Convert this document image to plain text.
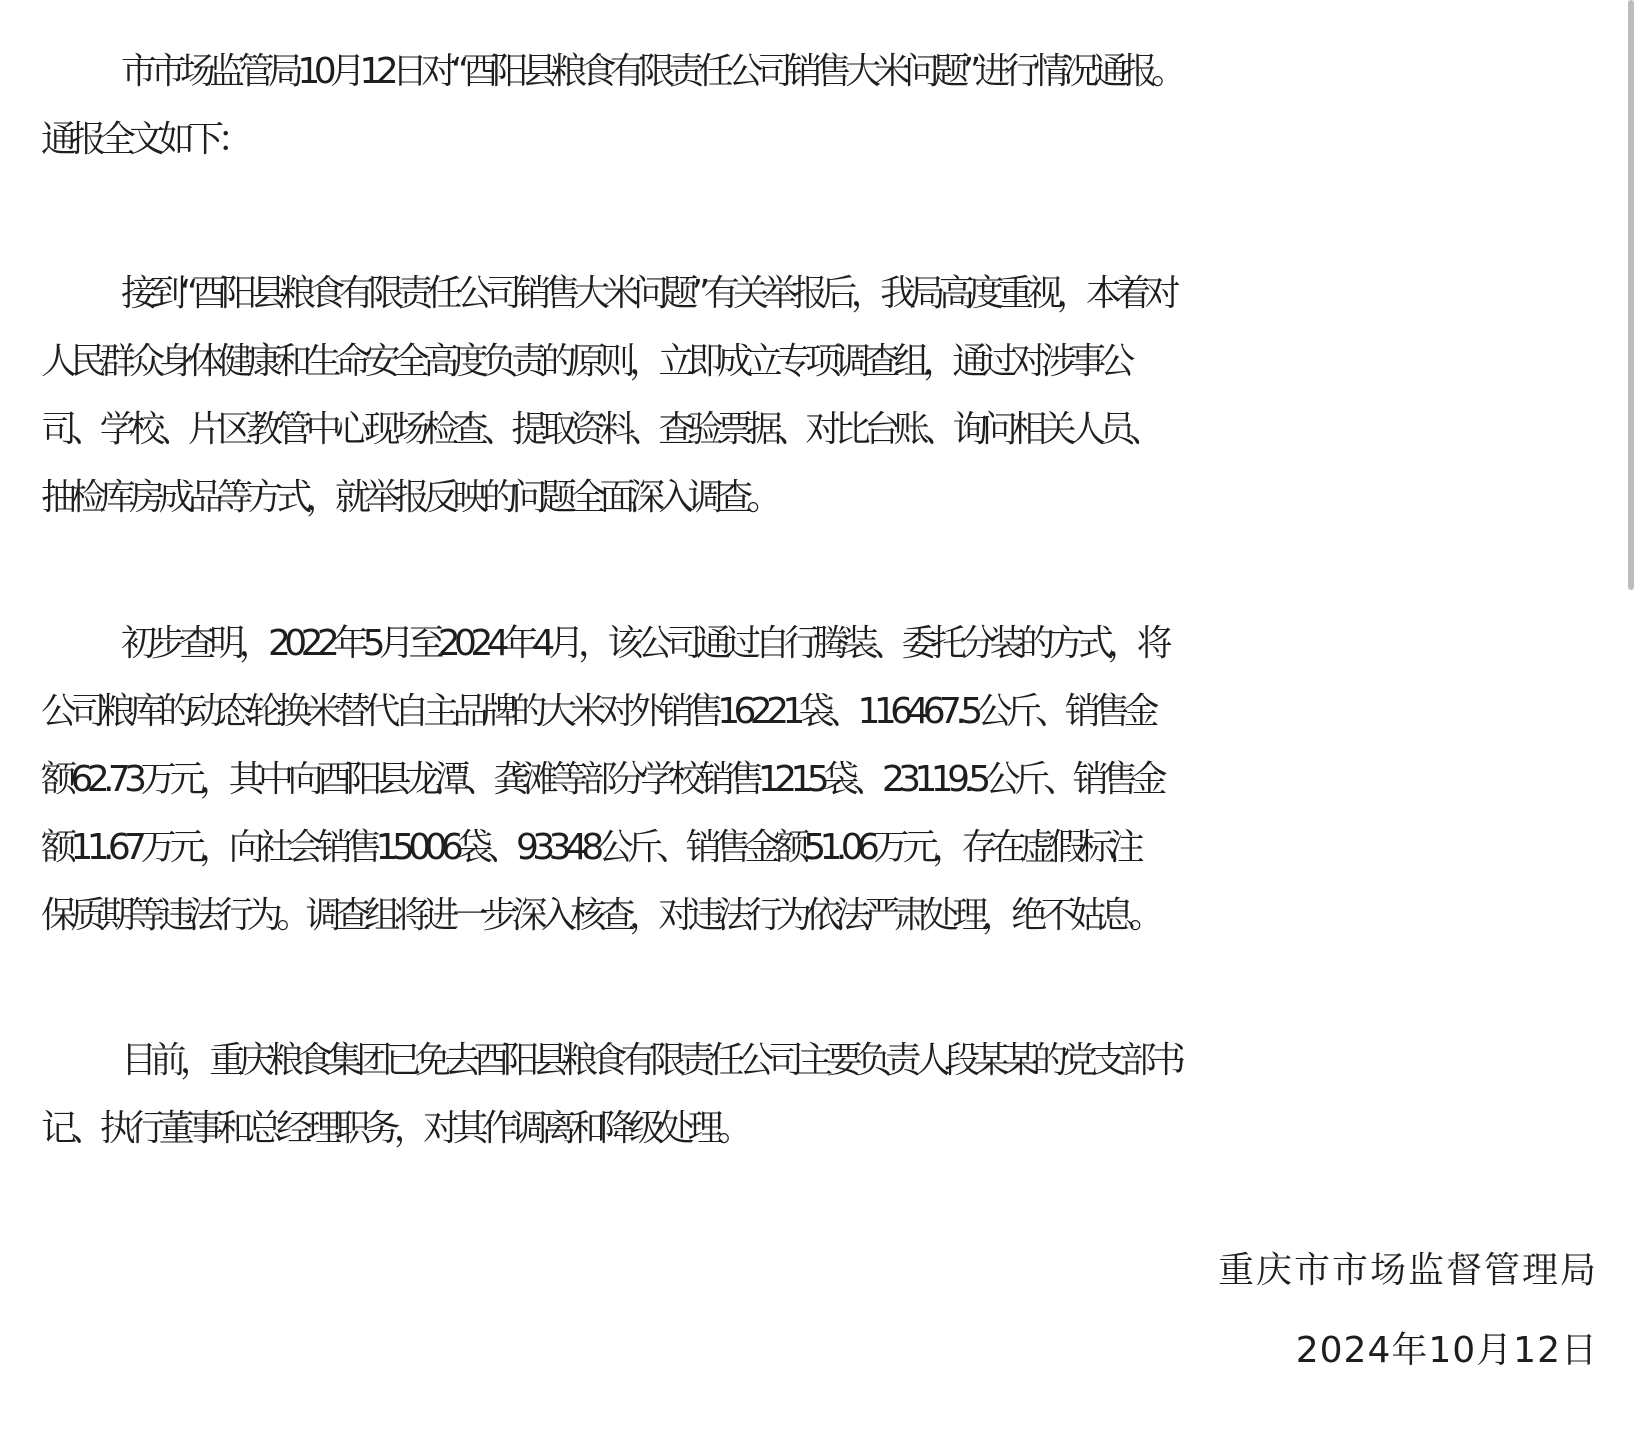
市市场监管局10月12日对“酉阳县粮食有限责任公司销售大米问题”进行情况通报。
通报全文如下：
接到“酉阳县粮食有限责任公司销售大米问题”有关举报后，我局高度重视，本着对
人民群众身体健康和生命安全高度负责的原则，立即成立专项调查组，通过对涉事公
司、学校、片区教管中心现场检查、提取资料、查验票据、对比台账、询问相关人员、
抽检库房成品等方式，就举报反映的问题全面深入调查。
初步查明，2022年5月至2024年4月，该公司通过自行腾装、委托分装的方式，将
公司粮库的动态轮换米替代自主品牌的大米对外销售16221袋、116467.5公斤、销售金
额62.73万元，其中向酉阳县龙潭、龚滩等部分学校销售1215袋、23119.5公斤、销售金
额11.67万元，向社会销售15006袋、93348公斤、销售金额51.06万元，存在虚假标注
保质期等违法行为。调查组将进一步深入核查，对违法行为依法严肃处理，绝不姑息。
目前，重庆粮食集团已免去酉阳县粮食有限责任公司主要负责人段某某的党支部书
记、执行董事和总经理职务，对其作调离和降级处理。
重庆市市场监督管理局
2024年10月12日
